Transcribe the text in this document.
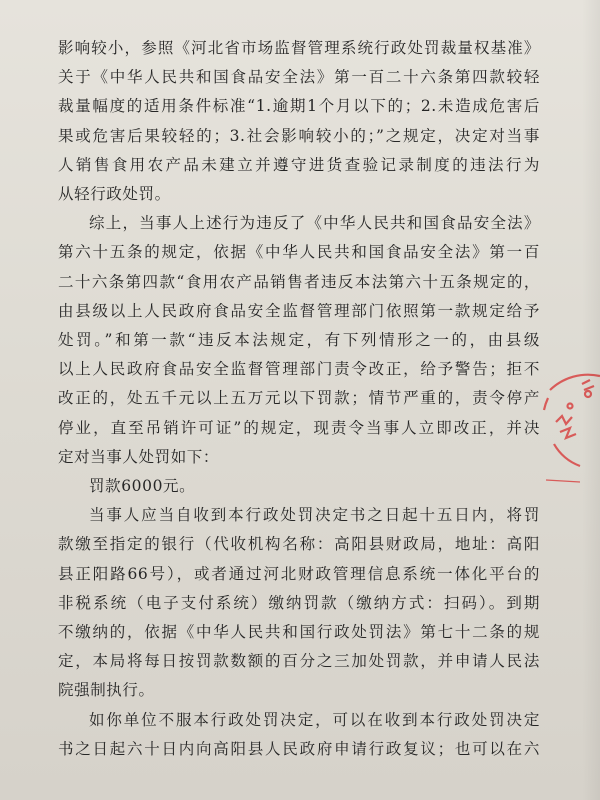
影响较小，参照《河北省市场监督管理系统行政处罚裁量权基准》
关于《中华人民共和国食品安全法》第一百二十六条第四款较轻
裁量幅度的适用条件标准“1.逾期1个月以下的；2.未造成危害后
果或危害后果较轻的；3.社会影响较小的；”之规定，决定对当事
人销售食用农产品未建立并遵守进货查验记录制度的违法行为
从轻行政处罚。
综上，当事人上述行为违反了《中华人民共和国食品安全法》
第六十五条的规定，依据《中华人民共和国食品安全法》第一百
二十六条第四款“食用农产品销售者违反本法第六十五条规定的，
由县级以上人民政府食品安全监督管理部门依照第一款规定给予
处罚。”和第一款“违反本法规定，有下列情形之一的，由县级
以上人民政府食品安全监督管理部门责令改正，给予警告；拒不
改正的，处五千元以上五万元以下罚款；情节严重的，责令停产
停业，直至吊销许可证”的规定，现责令当事人立即改正，并决
定对当事人处罚如下：
罚款6000元。
当事人应当自收到本行政处罚决定书之日起十五日内，将罚
款缴至指定的银行（代收机构名称：高阳县财政局，地址：高阳
县正阳路66号），或者通过河北财政管理信息系统一体化平台的
非税系统（电子支付系统）缴纳罚款（缴纳方式：扫码）。到期
不缴纳的，依据《中华人民共和国行政处罚法》第七十二条的规
定，本局将每日按罚款数额的百分之三加处罚款，并申请人民法
院强制执行。
如你单位不服本行政处罚决定，可以在收到本行政处罚决定
书之日起六十日内向高阳县人民政府申请行政复议；也可以在六
